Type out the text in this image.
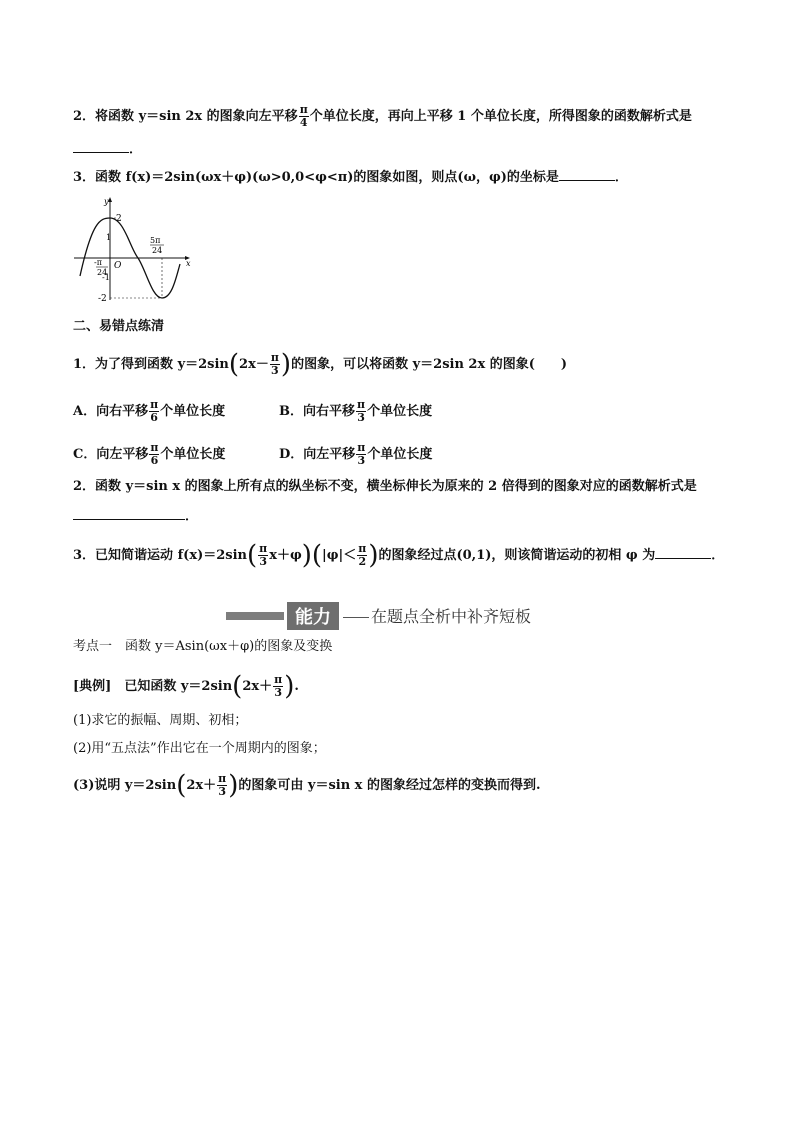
2．将函数 y＝sin 2x 的图象向左平移 $\frac{\pi}{4}$ 个单位长度，再向上平移 1 个单位长度，所得图象的函数解析式是
．
3．函数 f(x)＝2sin(ωx＋φ)(ω>0,0<φ<π)的图象如图，则点(ω，φ)的坐标是	．
y
x
O
2
1
-1
-2
-π
24
5π
24
二、易错点练清
1．为了得到函数 $y=2\sin(2x- \frac{\pi}{3}$ )的图象，可以将函数 y＝2sin 2x 的图象(　　)
A．向右平移 $\frac{\pi}{6}$ 个单位长度	B．向右平移 $\frac{\pi}{3}$ 个单位长度
C．向左平移 $\frac{\pi}{6}$ 个单位长度	D．向左平移 $\frac{\pi}{3}$ 个单位长度
2．函数 y＝sin x 的图象上所有点的纵坐标不变，横坐标伸长为原来的 2 倍得到的图象对应的函数解析式是
．
3．已知简谐运动 $f(x)=2\sin( \frac{\pi}{3} x+\varphi)(|\varphi|< \frac{\pi}{2}$ )的图象经过点(0,1)，则该简谐运动的初相 φ 为	．
能力	在题点全析中补齐短板
考点一　函数 y＝Asin(ωx＋φ)的图象及变换
[典例]　 已知函数 $y=2\sin(2x+ \frac{\pi}{3}$ ).
(1)求它的振幅、周期、初相；
(2)用“五点法”作出它在一个周期内的图象；
(3)说明 $y=2\sin(2x+ \frac{\pi}{3}$ )的图象可由 y＝sin x 的图象经过怎样的变换而得到.
